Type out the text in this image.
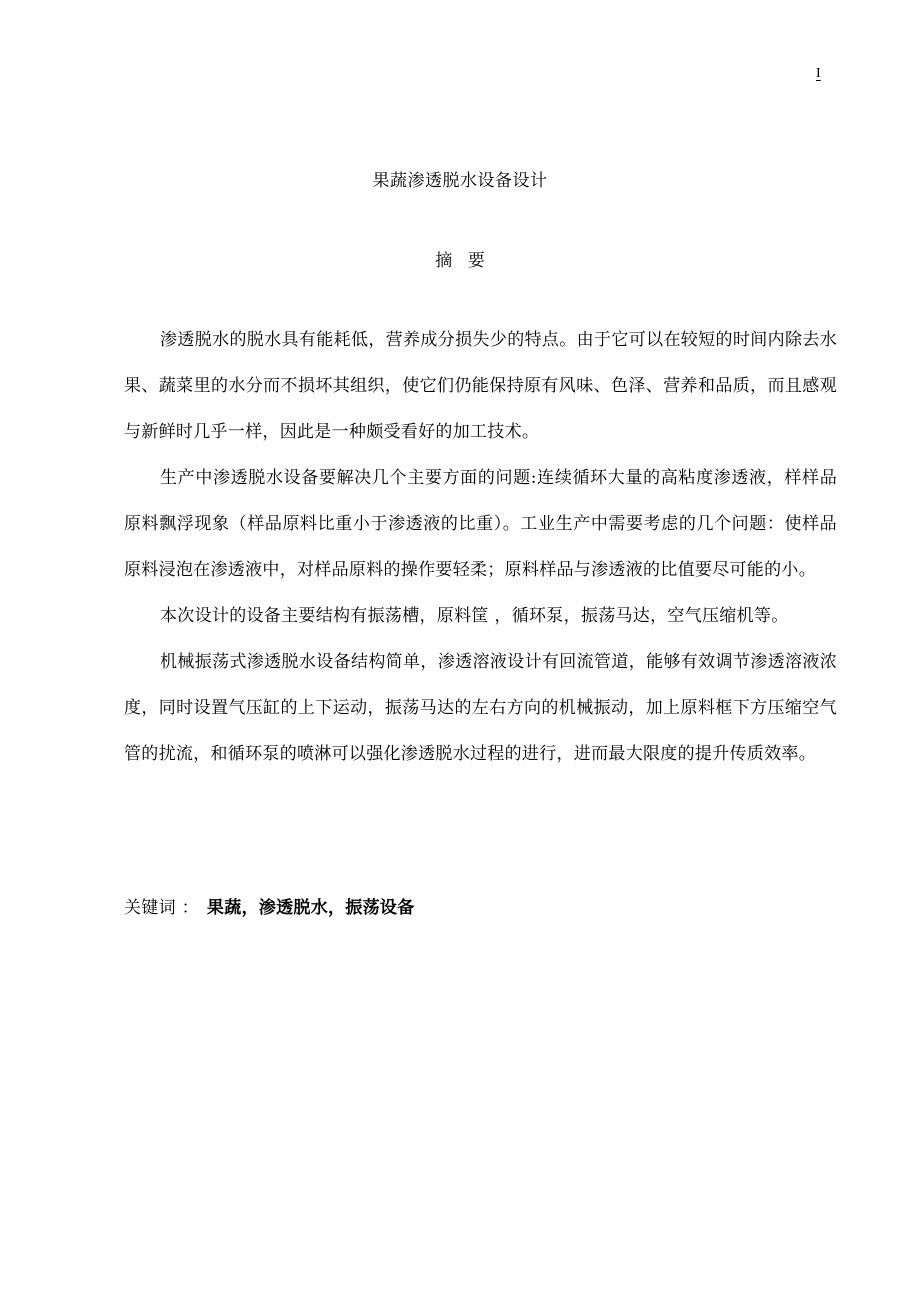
I
果蔬渗透脱水设备设计
摘 要

渗透脱水的脱水具有能耗低，营养成分损失少的特点。由于它可以在较短的时间内除去水果、蔬菜里的水分而不损坏其组织，使它们仍能保持原有风味、色泽、营养和品质，而且感观与新鲜时几乎一样，因此是一种颇受看好的加工技术。

生产中渗透脱水设备要解决几个主要方面的问题:连续循环大量的高粘度渗透液，样样品原料飘浮现象（样品原料比重小于渗透液的比重）。工业生产中需要考虑的几个问题：使样品原料浸泡在渗透液中，对样品原料的操作要轻柔；原料样品与渗透液的比值要尽可能的小。

本次设计的设备主要结构有振荡槽，原料筐 ，循环泵，振荡马达，空气压缩机等。

机械振荡式渗透脱水设备结构简单，渗透溶液设计有回流管道，能够有效调节渗透溶液浓度，同时设置气压缸的上下运动，振荡马达的左右方向的机械振动，加上原料框下方压缩空气管的扰流，和循环泵的喷淋可以强化渗透脱水过程的进行，进而最大限度的提升传质效率。

关键词 ： 果蔬，渗透脱水，振荡设备
